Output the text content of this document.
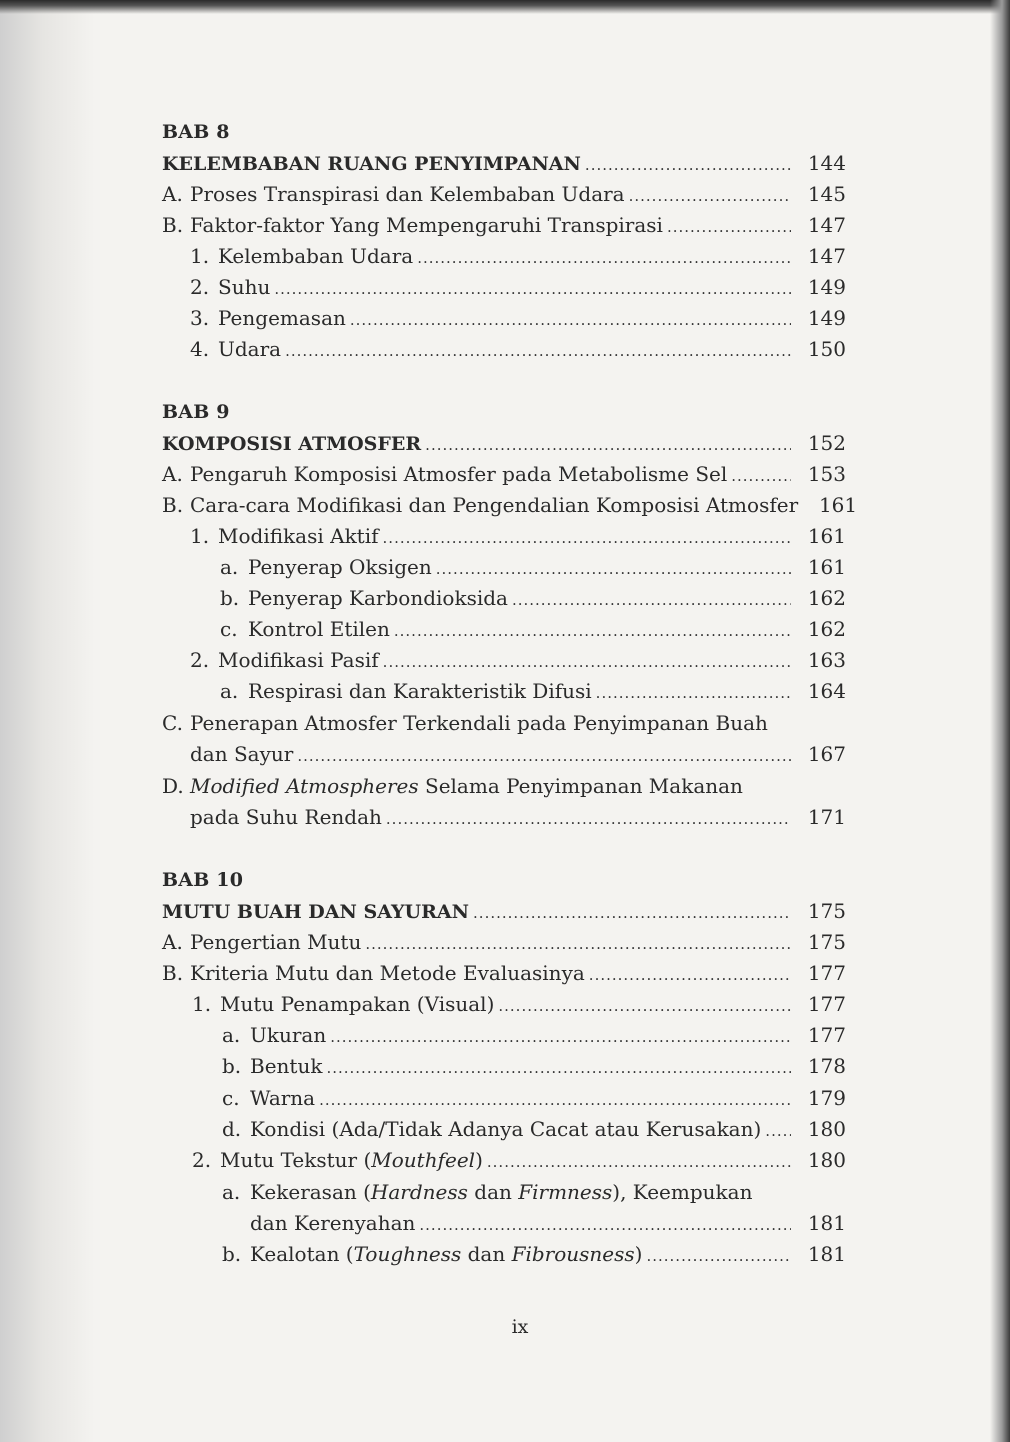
BAB 8
KELEMBABAN RUANG PENYIMPANAN .....	144
A. Proses Transpirasi dan Kelembaban Udara .....	145
B. Faktor-faktor Yang Mempengaruhi Transpirasi .....	147
1. Kelembaban Udara .....	147
2. Suhu .....	149
3. Pengemasan .....	149
4. Udara .....	150
BAB 9
KOMPOSISI ATMOSFER .....	152
A. Pengaruh Komposisi Atmosfer pada Metabolisme Sel .....	153
B. Cara-cara Modifikasi dan Pengendalian Komposisi Atmosfer	161
1. Modifikasi Aktif .....	161
a. Penyerap Oksigen .....	161
b. Penyerap Karbondioksida .....	162
c. Kontrol Etilen .....	162
2. Modifikasi Pasif .....	163
a. Respirasi dan Karakteristik Difusi .....	164
C. Penerapan Atmosfer Terkendali pada Penyimpanan Buah
dan Sayur .....	167
D. Modified Atmospheres Selama Penyimpanan Makanan
pada Suhu Rendah .....	171
BAB 10
MUTU BUAH DAN SAYURAN .....	175
A. Pengertian Mutu .....	175
B. Kriteria Mutu dan Metode Evaluasinya .....	177
1. Mutu Penampakan (Visual) .....	177
a. Ukuran .....	177
b. Bentuk .....	178
c. Warna .....	179
d. Kondisi (Ada/Tidak Adanya Cacat atau Kerusakan) .....	180
2. Mutu Tekstur (Mouthfeel) .....	180
a. Kekerasan (Hardness dan Firmness), Keempukan
dan Kerenyahan .....	181
b. Kealotan (Toughness dan Fibrousness) .....	181
ix
